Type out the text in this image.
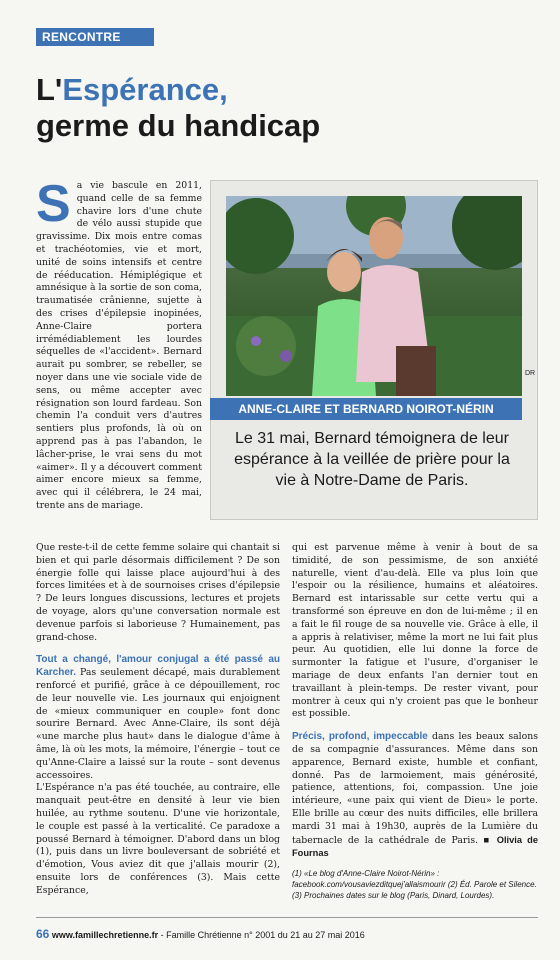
RENCONTRE
L'Espérance,
germe du handicap
S a vie bascule en 2011, quand celle de sa femme chavire lors d'une chute de vélo aussi stupide que gravissime. Dix mois entre comas et trachéotomies, vie et mort, unité de soins intensifs et centre de rééducation. Hémiplégique et amnésique à la sortie de son coma, traumatisée crânienne, sujette à des crises d'épilepsie inopinées, Anne-Claire portera irrémédiablement les lourdes séquelles de «l'accident». Bernard aurait pu sombrer, se rebeller, se noyer dans une vie sociale vide de sens, ou même accepter avec résignation son lourd fardeau. Son chemin l'a conduit vers d'autres sentiers plus profonds, là où on apprend pas à pas l'abandon, le lâcher-prise, le vrai sens du mot «aimer». Il y a découvert comment aimer encore mieux sa femme, avec qui il célébrera, le 24 mai, trente ans de mariage.

DR
ANNE-CLAIRE ET BERNARD NOIROT-NÉRIN
Le 31 mai, Bernard témoignera de leur espérance à la veillée de prière pour la vie à Notre-Dame de Paris.

Que reste-t-il de cette femme solaire qui chantait si bien et qui parle désormais difficilement ? De son énergie folle qui laisse place aujourd'hui à des forces limitées et à de sournoises crises d'épilepsie ? De leurs longues discussions, lectures et projets de voyage, alors qu'une conversation normale est devenue parfois si laborieuse ? Humainement, pas grand-chose.

Tout a changé, l'amour conjugal a été passé au Karcher. Pas seulement décapé, mais durablement renforcé et purifié, grâce à ce dépouillement, roc de leur nouvelle vie. Les journaux qui enjoignent de «mieux communiquer en couple» font donc sourire Bernard. Avec Anne-Claire, ils sont déjà «une marche plus haut» dans le dialogue d'âme à âme, là où les mots, la mémoire, l'énergie – tout ce qu'Anne-Claire a laissé sur la route – sont devenus accessoires.

L'Espérance n'a pas été touchée, au contraire, elle manquait peut-être en densité à leur vie bien huilée, au rythme soutenu. D'une vie horizontale, le couple est passé à la verticalité. Ce paradoxe a poussé Bernard à témoigner. D'abord dans un blog (1), puis dans un livre bouleversant de sobriété et d'émotion, Vous aviez dit que j'allais mourir (2), ensuite lors de conférences (3). Mais cette Espérance,

qui est parvenue même à venir à bout de sa timidité, de son pessimisme, de son anxiété naturelle, vient d'au-delà. Elle va plus loin que l'espoir ou la résilience, humains et aléatoires. Bernard est intarissable sur cette vertu qui a transformé son épreuve en don de lui-même ; il en a fait le fil rouge de sa nouvelle vie. Grâce à elle, il a appris à relativiser, même la mort ne lui fait plus peur. Au quotidien, elle lui donne la force de surmonter la fatigue et l'usure, d'organiser le mariage de deux enfants l'an dernier tout en travaillant à plein-temps. De rester vivant, pour montrer à ceux qui n'y croient pas que le bonheur est possible.

Précis, profond, impeccable dans les beaux salons de sa compagnie d'assurances. Même dans son apparence, Bernard existe, humble et confiant, donné. Pas de larmoiement, mais générosité, patience, attentions, foi, compassion. Une joie intérieure, «une paix qui vient de Dieu» le porte. Elle brille au cœur des nuits difficiles, elle brillera mardi 31 mai à 19h30, auprès de la Lumière du tabernacle de la cathédrale de Paris. ■ Olivia de Fournas

(1) «Le blog d'Anne-Claire Noirot-Nérin» : facebook.com/vousaviezditquej'allaismourir (2) Éd. Parole et Silence.
(3) Prochaines dates sur le blog (Paris, Dinard, Lourdes).
66 www.famillechretienne.fr - Famille Chrétienne n° 2001 du 21 au 27 mai 2016
